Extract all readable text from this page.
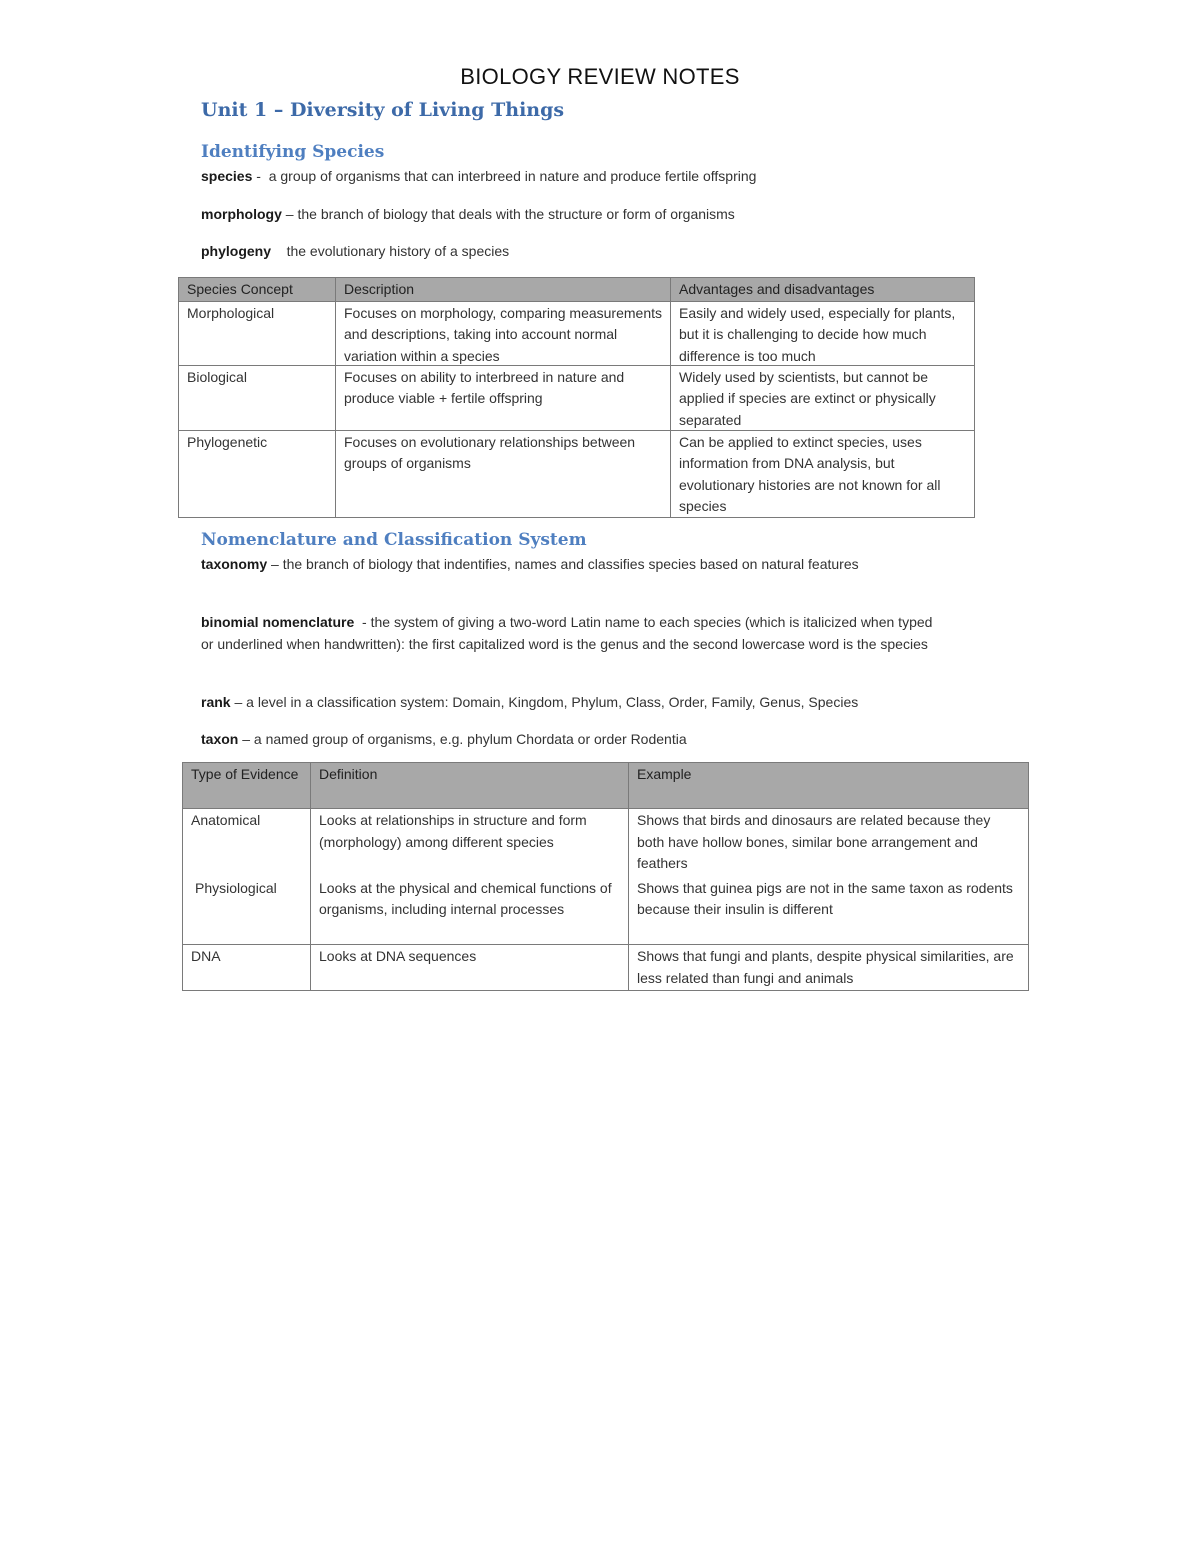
BIOLOGY REVIEW NOTES
Unit 1 – Diversity of Living Things
Identifying Species

species -  a group of organisms that can interbreed in nature and produce fertile offspring

morphology – the branch of biology that deals with the structure or form of organisms

phylogeny the evolutionary history of a species

Species Concept	Description	Advantages and disadvantages

Morphological	Focuses on morphology, comparing measurements and descriptions, taking into account normal variation within a species	Easily and widely used, especially for plants, but it is challenging to decide how much difference is too much

Biological	Focuses on ability to interbreed in nature and produce viable + fertile offspring	Widely used by scientists, but cannot be applied if species are extinct or physically separated

Phylogenetic	Focuses on evolutionary relationships between groups of organisms	Can be applied to extinct species, uses information from DNA analysis, but evolutionary histories are not known for all species
Nomenclature and Classification System

taxonomy – the branch of biology that indentifies, names and classifies species based on natural features

binomial nomenclature  - the system of giving a two-word Latin name to each species (which is italicized when typed or underlined when handwritten): the first capitalized word is the genus and the second lowercase word is the species

rank – a level in a classification system: Domain, Kingdom, Phylum, Class, Order, Family, Genus, Species

taxon – a named group of organisms, e.g. phylum Chordata or order Rodentia

Type of Evidence	Definition	Example

Anatomical	Looks at relationships in structure and form (morphology) among different species	Shows that birds and dinosaurs are related because they both have hollow bones, similar bone arrangement and feathers

Physiological	Looks at the physical and chemical functions of organisms, including internal processes	Shows that guinea pigs are not in the same taxon as rodents because their insulin is different

DNA	Looks at DNA sequences	Shows that fungi and plants, despite physical similarities, are less related than fungi and animals
